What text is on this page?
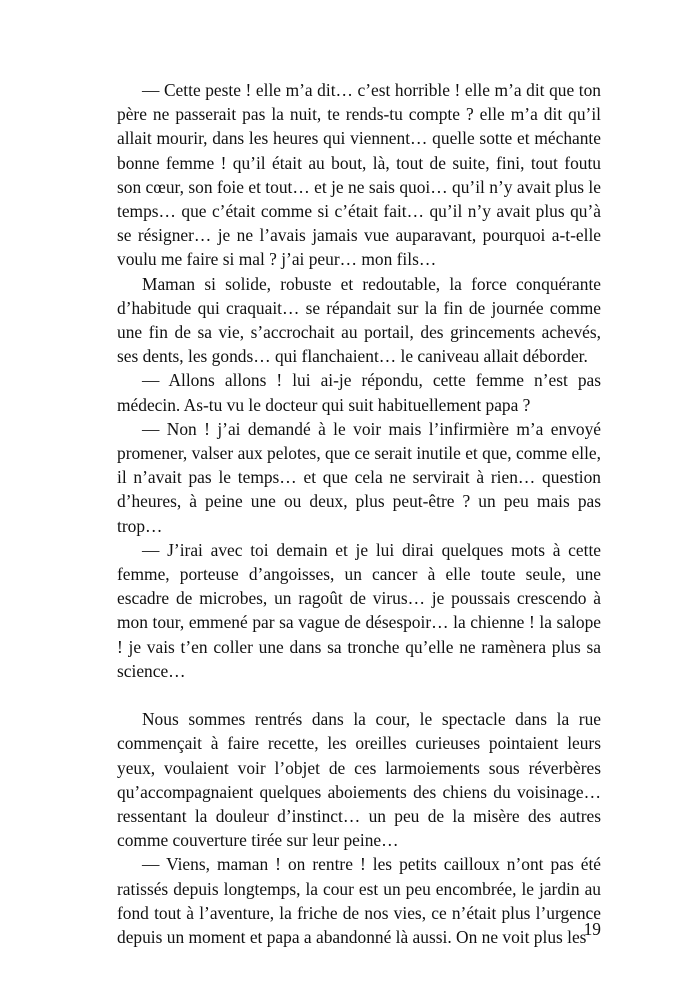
— Cette peste ! elle m’a dit… c’est horrible ! elle m’a dit que ton père ne passerait pas la nuit, te rends-tu compte ? elle m’a dit qu’il allait mourir, dans les heures qui viennent… quelle sotte et méchante bonne femme ! qu’il était au bout, là, tout de suite, fini, tout foutu son cœur, son foie et tout… et je ne sais quoi… qu’il n’y avait plus le temps… que c’était comme si c’était fait… qu’il n’y avait plus qu’à se résigner… je ne l’avais jamais vue auparavant, pourquoi a-t-elle voulu me faire si mal ? j’ai peur… mon fils…

Maman si solide, robuste et redoutable, la force conquérante d’habitude qui craquait… se répandait sur la fin de journée comme une fin de sa vie, s’accrochait au portail, des grincements achevés, ses dents, les gonds… qui flanchaient… le caniveau allait déborder.

— Allons allons ! lui ai-je répondu, cette femme n’est pas médecin. As-tu vu le docteur qui suit habituellement papa ?

— Non ! j’ai demandé à le voir mais l’infirmière m’a envoyé promener, valser aux pelotes, que ce serait inutile et que, comme elle, il n’avait pas le temps… et que cela ne servirait à rien… question d’heures, à peine une ou deux, plus peut-être ? un peu mais pas trop…

— J’irai avec toi demain et je lui dirai quelques mots à cette femme, porteuse d’angoisses, un cancer à elle toute seule, une escadre de microbes, un ragoût de virus… je poussais crescendo à mon tour, emmené par sa vague de désespoir… la chienne ! la salope ! je vais t’en coller une dans sa tronche qu’elle ne ramènera plus sa science…

Nous sommes rentrés dans la cour, le spectacle dans la rue commençait à faire recette, les oreilles curieuses pointaient leurs yeux, voulaient voir l’objet de ces larmoiements sous réverbères qu’accompagnaient quelques aboiements des chiens du voisinage… ressentant la douleur d’instinct… un peu de la misère des autres comme couverture tirée sur leur peine…

— Viens, maman ! on rentre ! les petits cailloux n’ont pas été ratissés depuis longtemps, la cour est un peu encombrée, le jardin au fond tout à l’aventure, la friche de nos vies, ce n’était plus l’urgence depuis un moment et papa a abandonné là aussi. On ne voit plus les

19
